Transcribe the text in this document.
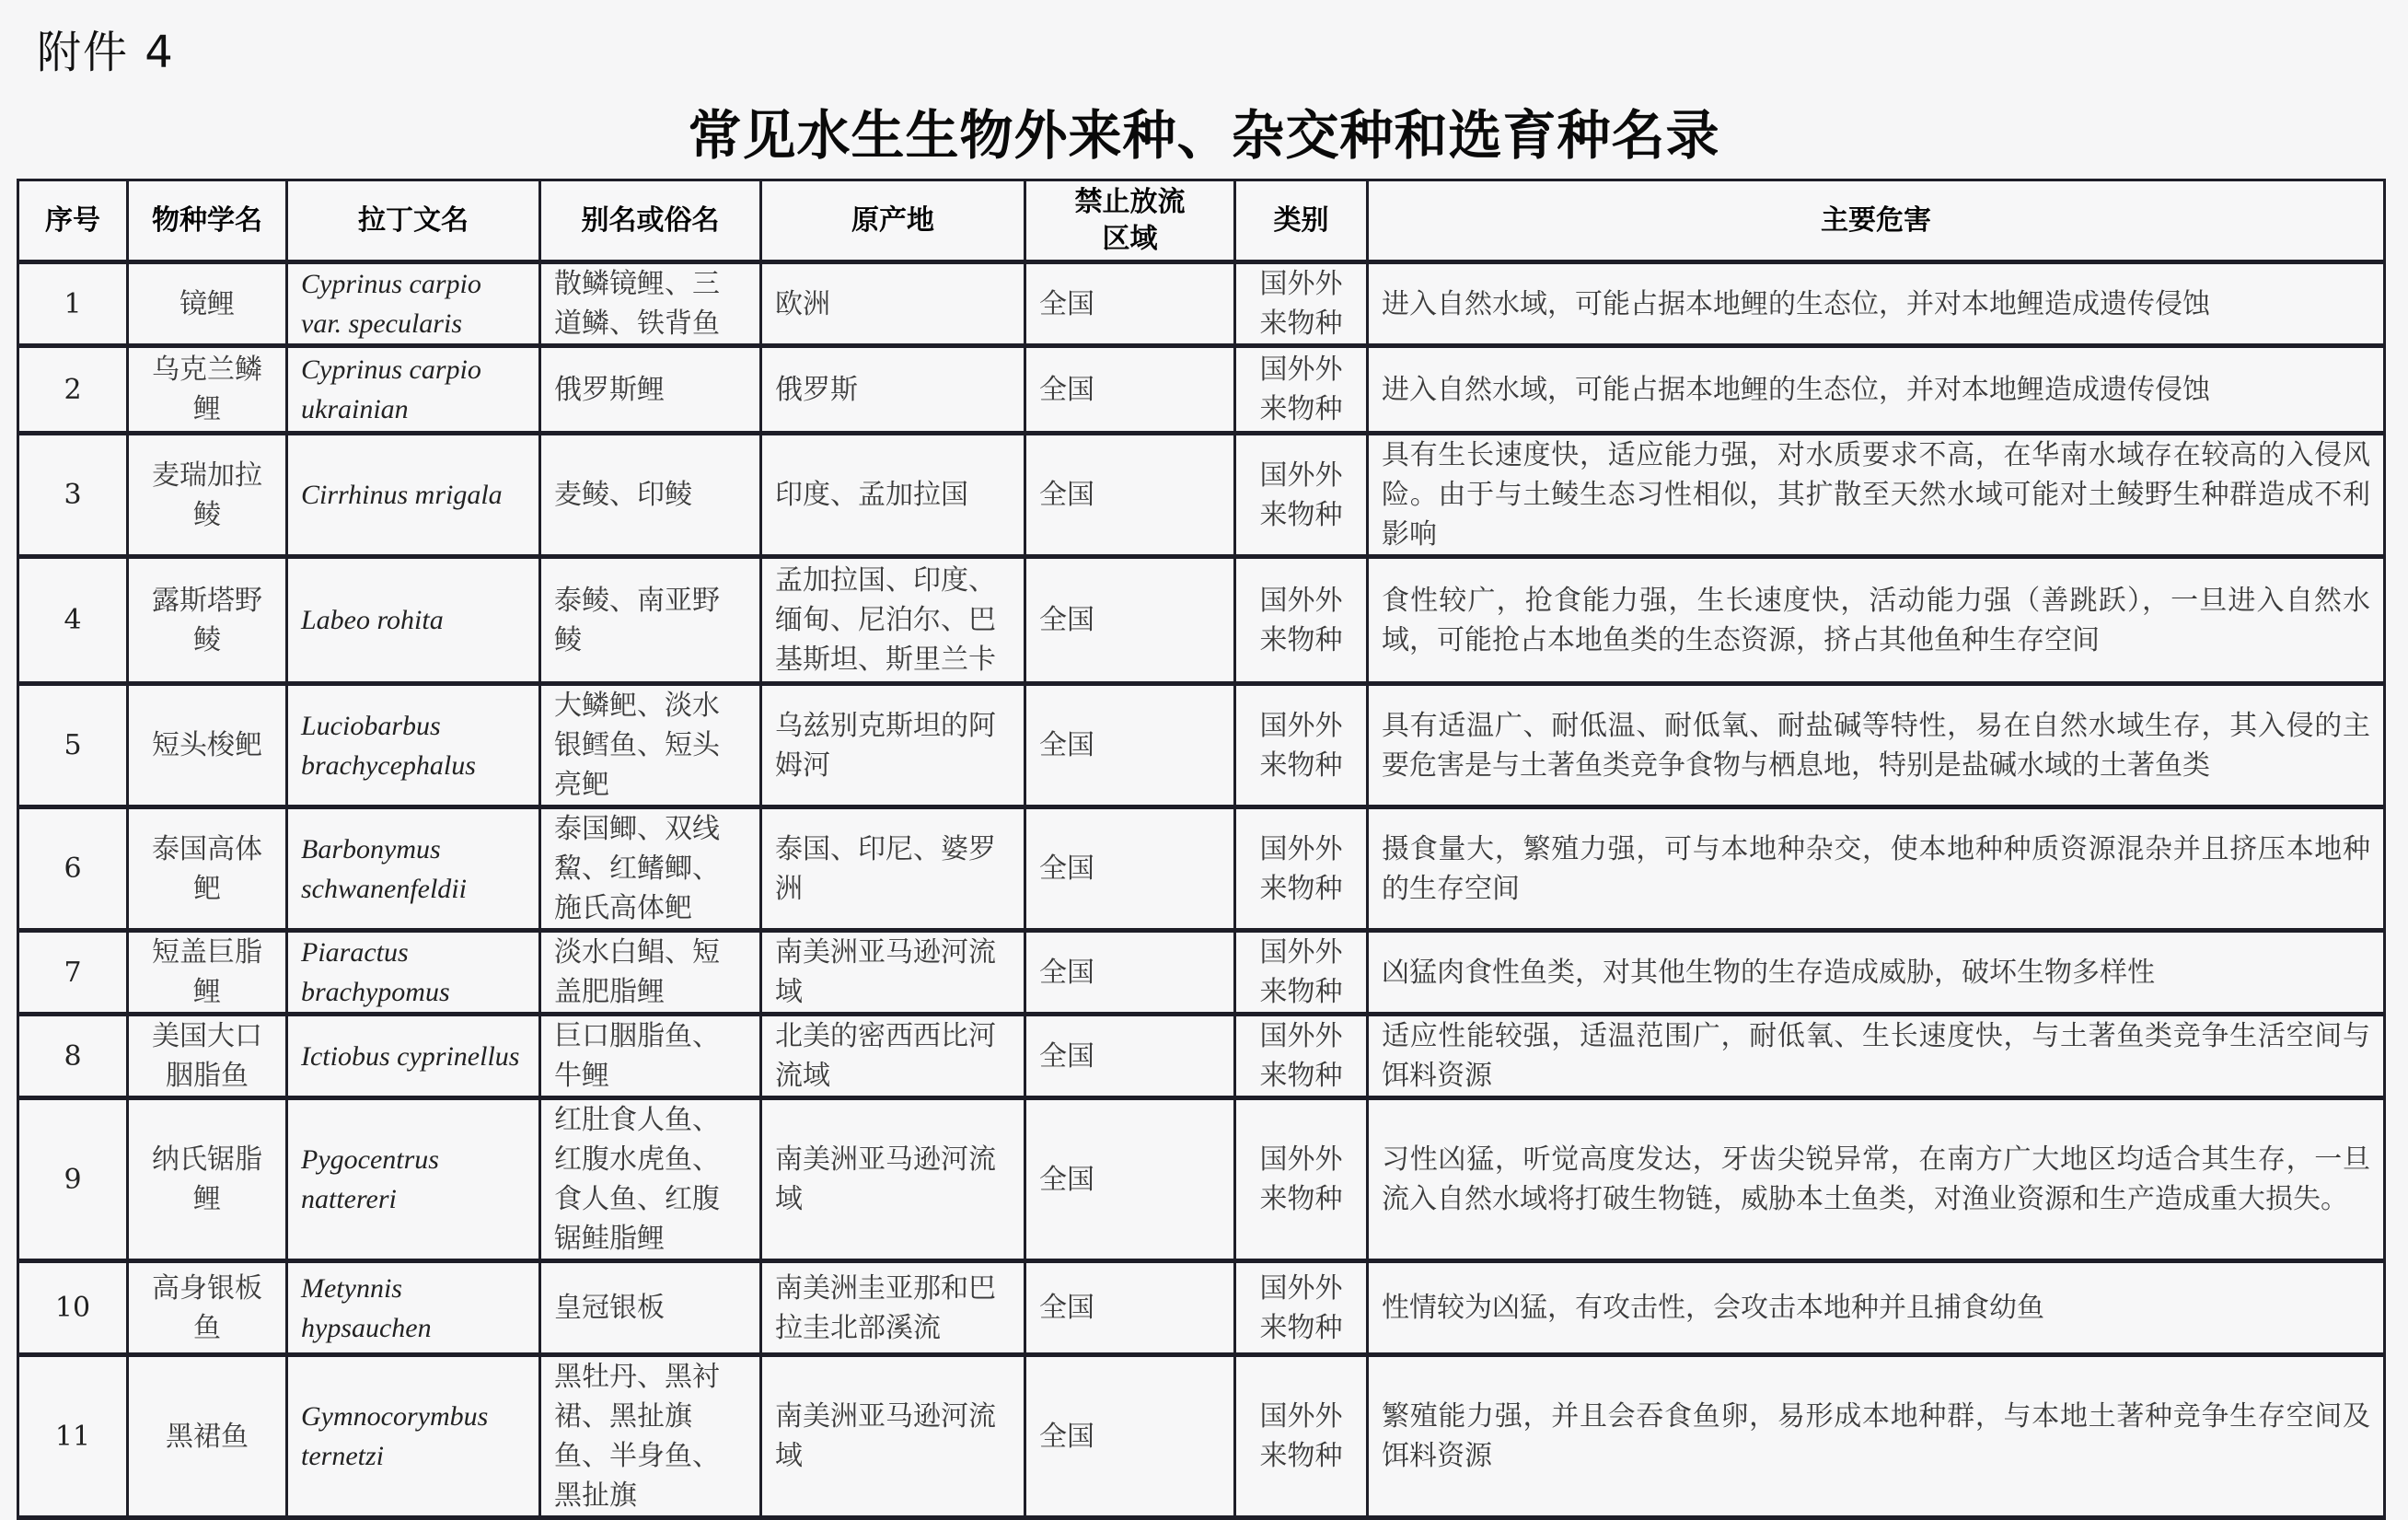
附件 4
常见水生生物外来种、杂交种和选育种名录
序号	物种学名	拉丁文名	别名或俗名	原产地	禁止放流区域	类别	主要危害
1	镜鲤	Cyprinus carpio var. specularis	散鳞镜鲤、三道鳞、铁背鱼	欧洲	全国	国外外来物种	进入自然水域，可能占据本地鲤的生态位，并对本地鲤造成遗传侵蚀
2	乌克兰鳞鲤	Cyprinus carpio ukrainian	俄罗斯鲤	俄罗斯	全国	国外外来物种	进入自然水域，可能占据本地鲤的生态位，并对本地鲤造成遗传侵蚀
3	麦瑞加拉鲮	Cirrhinus mrigala	麦鲮、印鲮	印度、孟加拉国	全国	国外外来物种	具有生长速度快，适应能力强，对水质要求不高，在华南水域存在较高的入侵风险。由于与土鲮生态习性相似，其扩散至天然水域可能对土鲮野生种群造成不利影响
4	露斯塔野鲮	Labeo rohita	泰鲮、南亚野鲮	孟加拉国、印度、缅甸、尼泊尔、巴基斯坦、斯里兰卡	全国	国外外来物种	食性较广，抢食能力强，生长速度快，活动能力强（善跳跃），一旦进入自然水域，可能抢占本地鱼类的生态资源，挤占其他鱼种生存空间
5	短头梭鲃	Luciobarbus brachycephalus	大鳞鲃、淡水银鳕鱼、短头亮鲃	乌兹别克斯坦的阿姆河	全国	国外外来物种	具有适温广、耐低温、耐低氧、耐盐碱等特性，易在自然水域生存，其入侵的主要危害是与土著鱼类竞争食物与栖息地，特别是盐碱水域的土著鱼类
6	泰国高体鲃	Barbonymus schwanenfeldii	泰国鲫、双线鯬、红鳍鲫、施氏高体鲃	泰国、印尼、婆罗洲	全国	国外外来物种	摄食量大，繁殖力强，可与本地种杂交，使本地种种质资源混杂并且挤压本地种的生存空间
7	短盖巨脂鲤	Piaractus brachypomus	淡水白鲳、短盖肥脂鲤	南美洲亚马逊河流域	全国	国外外来物种	凶猛肉食性鱼类，对其他生物的生存造成威胁，破坏生物多样性
8	美国大口胭脂鱼	Ictiobus cyprinellus	巨口胭脂鱼、牛鲤	北美的密西西比河流域	全国	国外外来物种	适应性能较强，适温范围广，耐低氧、生长速度快，与土著鱼类竞争生活空间与饵料资源
9	纳氏锯脂鲤	Pygocentrus nattereri	红肚食人鱼、红腹水虎鱼、食人鱼、红腹锯鲑脂鲤	南美洲亚马逊河流域	全国	国外外来物种	习性凶猛，听觉高度发达，牙齿尖锐异常，在南方广大地区均适合其生存，一旦流入自然水域将打破生物链，威胁本土鱼类，对渔业资源和生产造成重大损失。
10	高身银板鱼	Metynnis hypsauchen	皇冠银板	南美洲圭亚那和巴拉圭北部溪流	全国	国外外来物种	性情较为凶猛，有攻击性，会攻击本地种并且捕食幼鱼
11	黑裙鱼	Gymnocorymbus ternetzi	黑牡丹、黑衬裙、黑扯旗鱼、半身鱼、黑扯旗	南美洲亚马逊河流域	全国	国外外来物种	繁殖能力强，并且会吞食鱼卵，易形成本地种群，与本地土著种竞争生存空间及饵料资源
